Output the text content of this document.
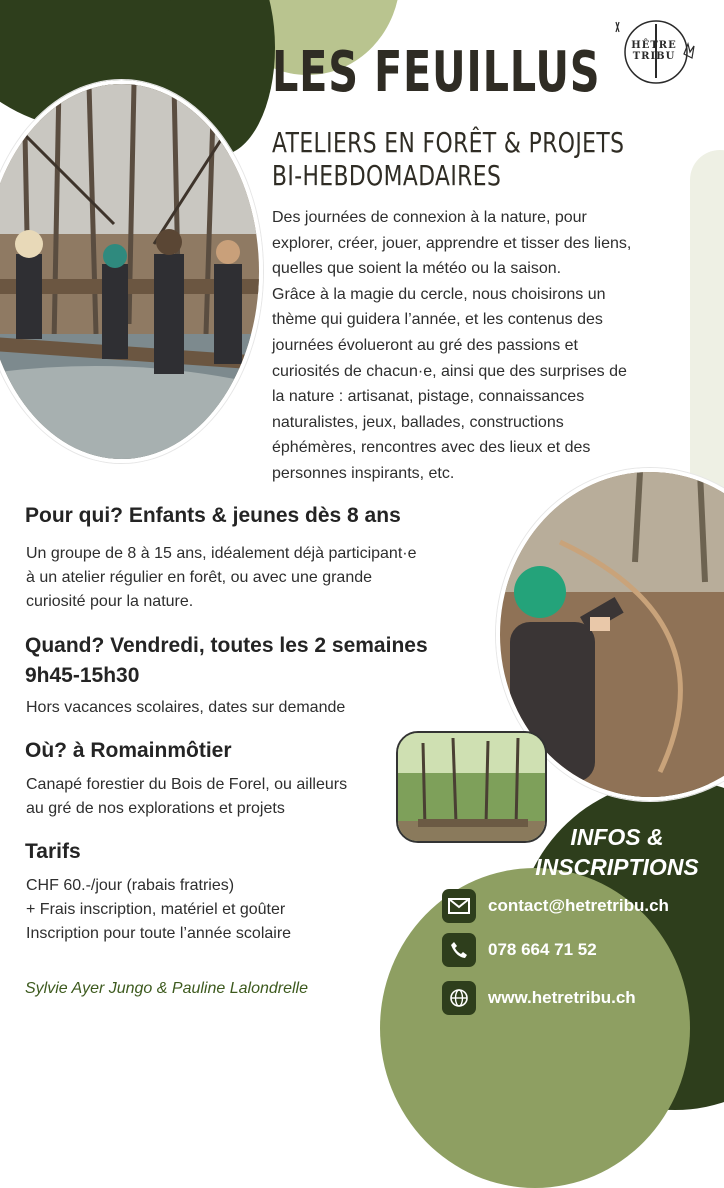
HÊTRE TRIBU
LES FEUILLUS
ATELIERS EN FORÊT & PROJETS
BI-HEBDOMADAIRES

Des journées de connexion à la nature, pour

explorer, créer, jouer, apprendre et tisser des liens,

quelles que soient la météo ou la saison.

Grâce à la magie du cercle, nous choisirons un

thème qui guidera l’année, et les contenus des

journées évolueront au gré des passions et

curiosités de chacun·e, ainsi que des surprises de

la nature : artisanat, pistage, connaissances

naturalistes, jeux, ballades, constructions

éphémères, rencontres avec des lieux et des

personnes inspirants, etc.

Pour qui? Enfants & jeunes dès 8 ans
Un groupe de 8 à 15 ans, idéalement déjà participant·e
à un atelier régulier en forêt, ou avec une grande
curiosité pour la nature.
Quand? Vendredi, toutes les 2 semaines
9h45-15h30
Hors vacances scolaires, dates sur demande
Où? à Romainmôtier
Canapé forestier du Bois de Forel, ou ailleurs
au gré de nos explorations et projets
Tarifs
CHF 60.-/jour (rabais fratries)
+ Frais inscription, matériel et goûter
Inscription pour toute l’année scolaire
Sylvie Ayer Jungo & Pauline Lalondrelle
INFOS &
INSCRIPTIONS
contact@hetretribu.ch
078 664 71 52
www.hetretribu.ch
